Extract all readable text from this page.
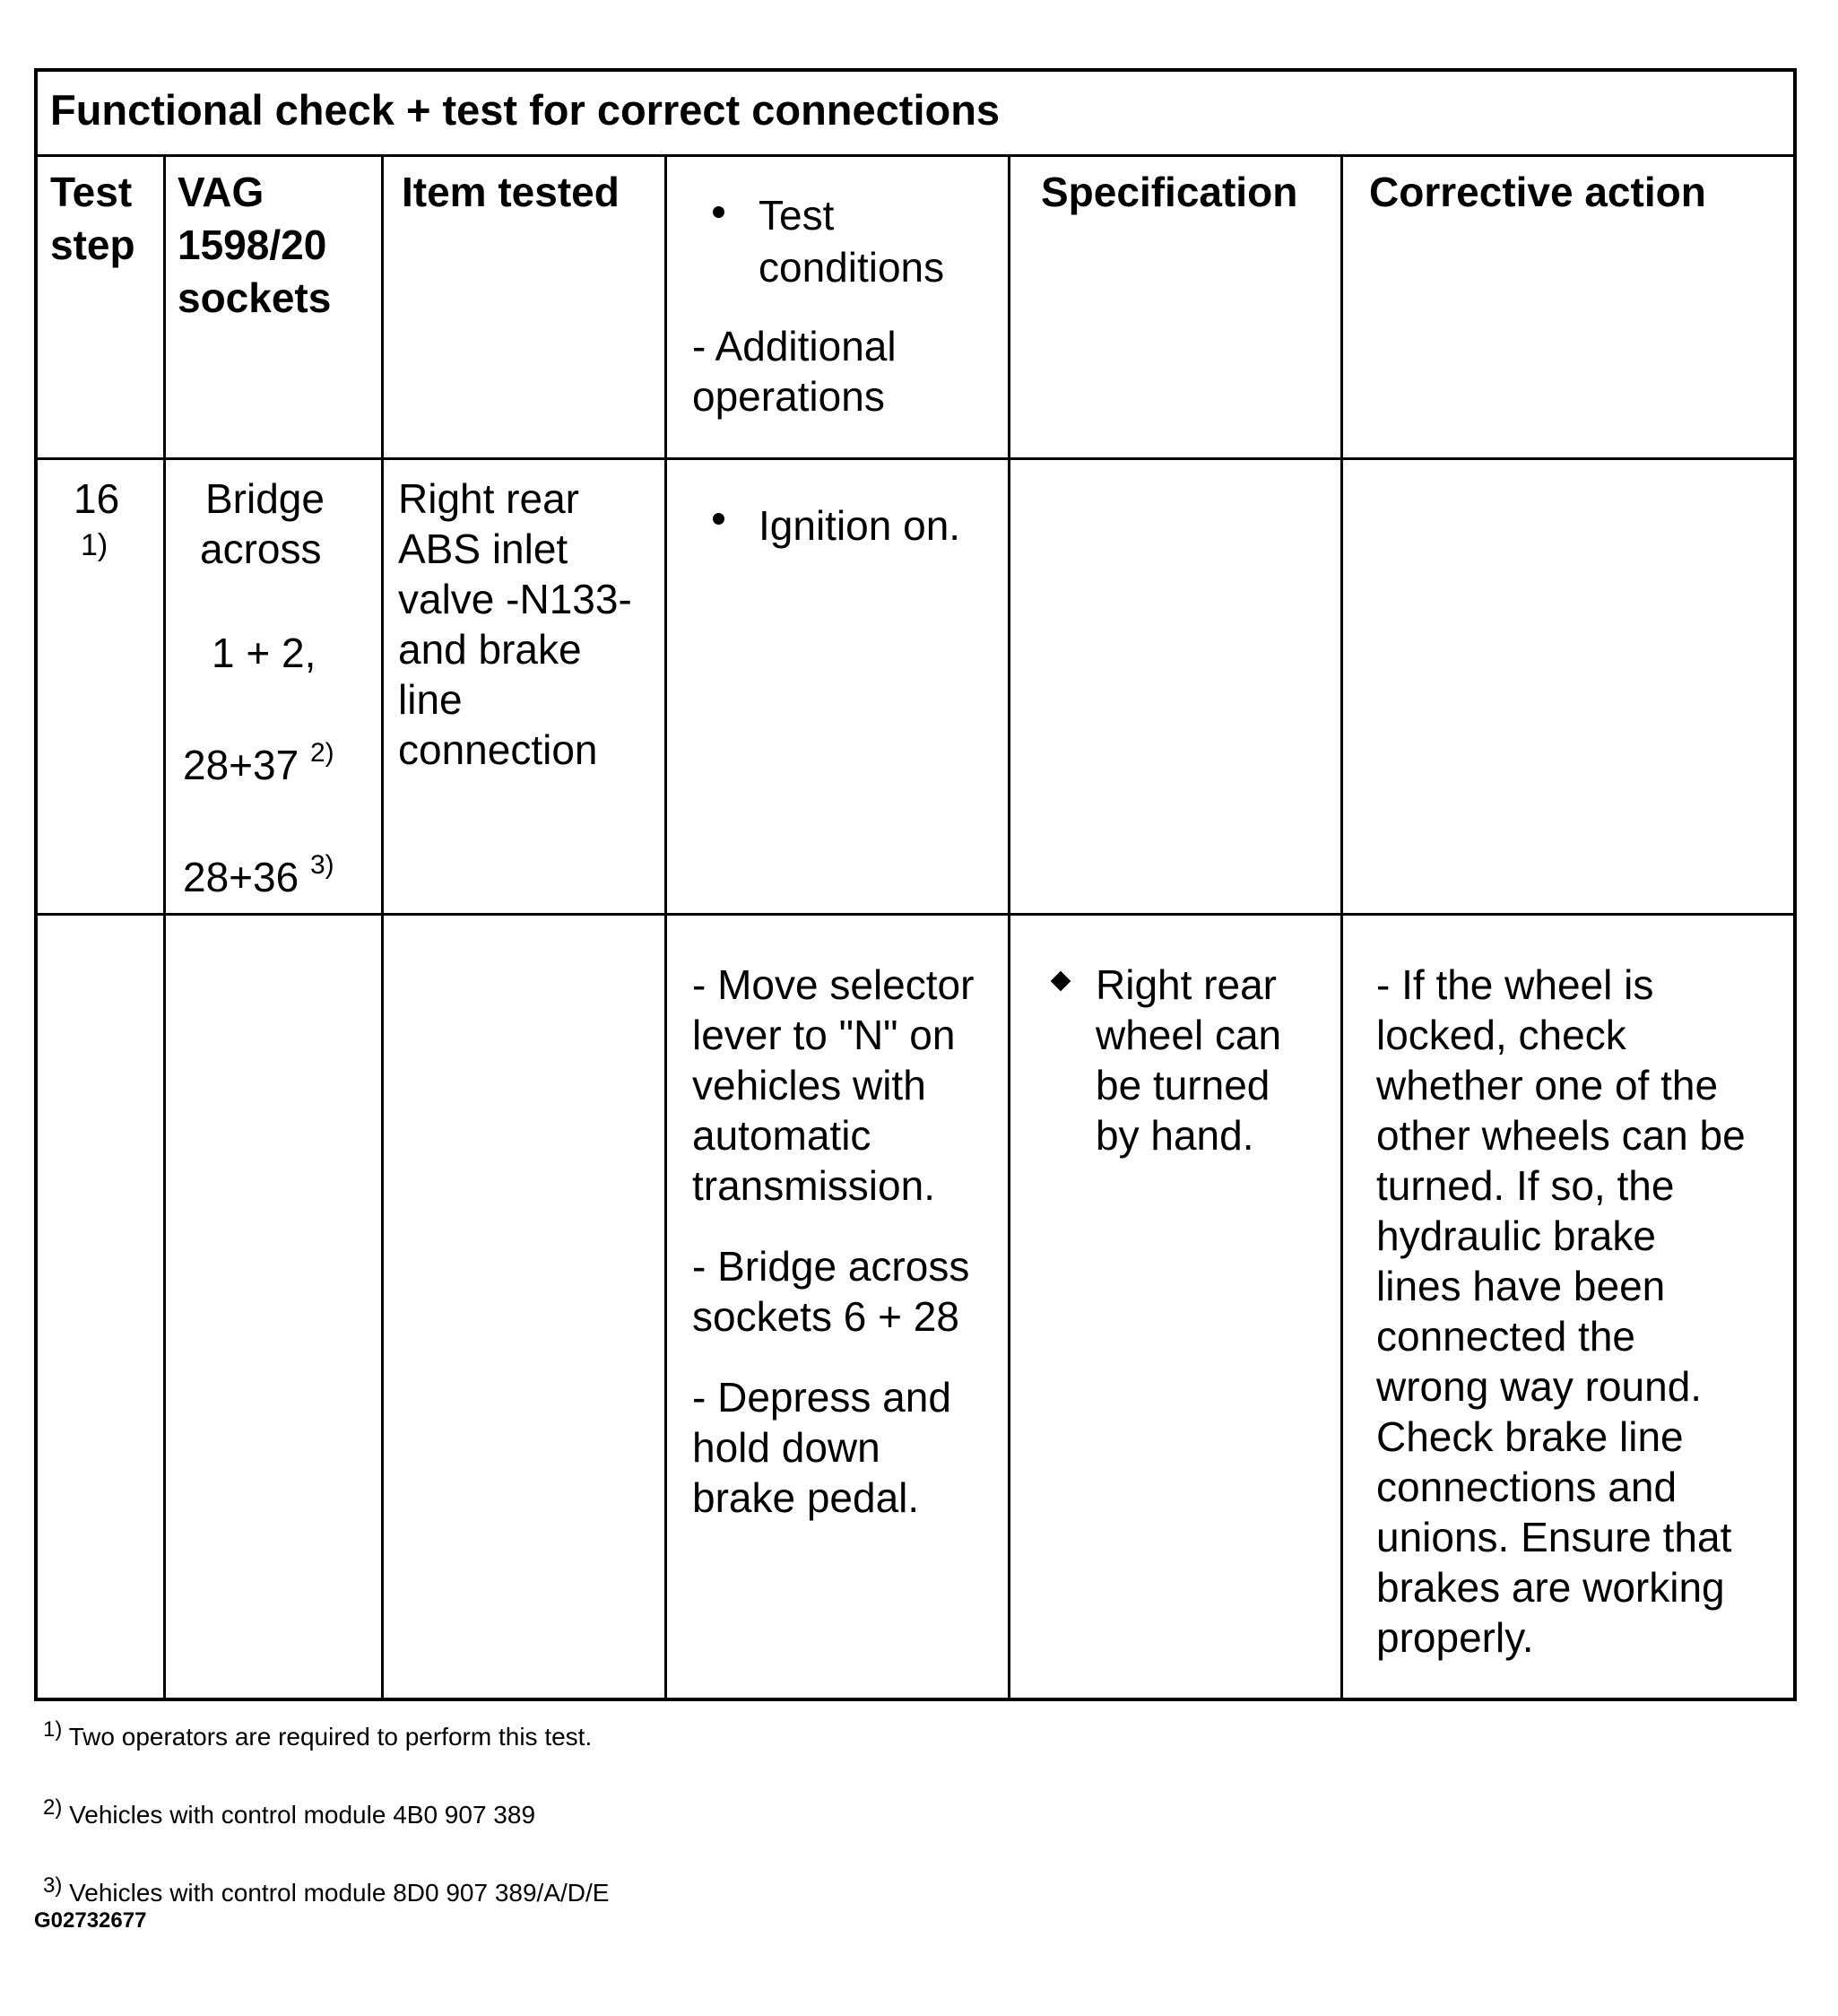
Functional check + test for correct connections
Test
step
VAG
1598/20
sockets
Item tested	Test
conditions
- Additional
operations
Specification Corrective action
16
1)
Bridge
across
1 + 2,
28+37 $^{2)}$
28+36 $^{3)}$
Right rear
ABS inlet
valve -N133-
and brake
line
connection
Ignition on.
- Move selector
lever to "N" on
vehicles with
automatic
transmission.
- Bridge across
sockets 6 + 28
- Depress and
hold down
brake pedal.
Right rear
wheel can
be turned
by hand.
- If the wheel is
locked, check
whether one of the
other wheels can be
turned. If so, the
hydraulic brake
lines have been
connected the
wrong way round.
Check brake line
connections and
unions. Ensure that
brakes are working
properly.
1) Two operators are required to perform this test.
2) Vehicles with control module 4B0 907 389
3) Vehicles with control module 8D0 907 389/A/D/E
G02732677
